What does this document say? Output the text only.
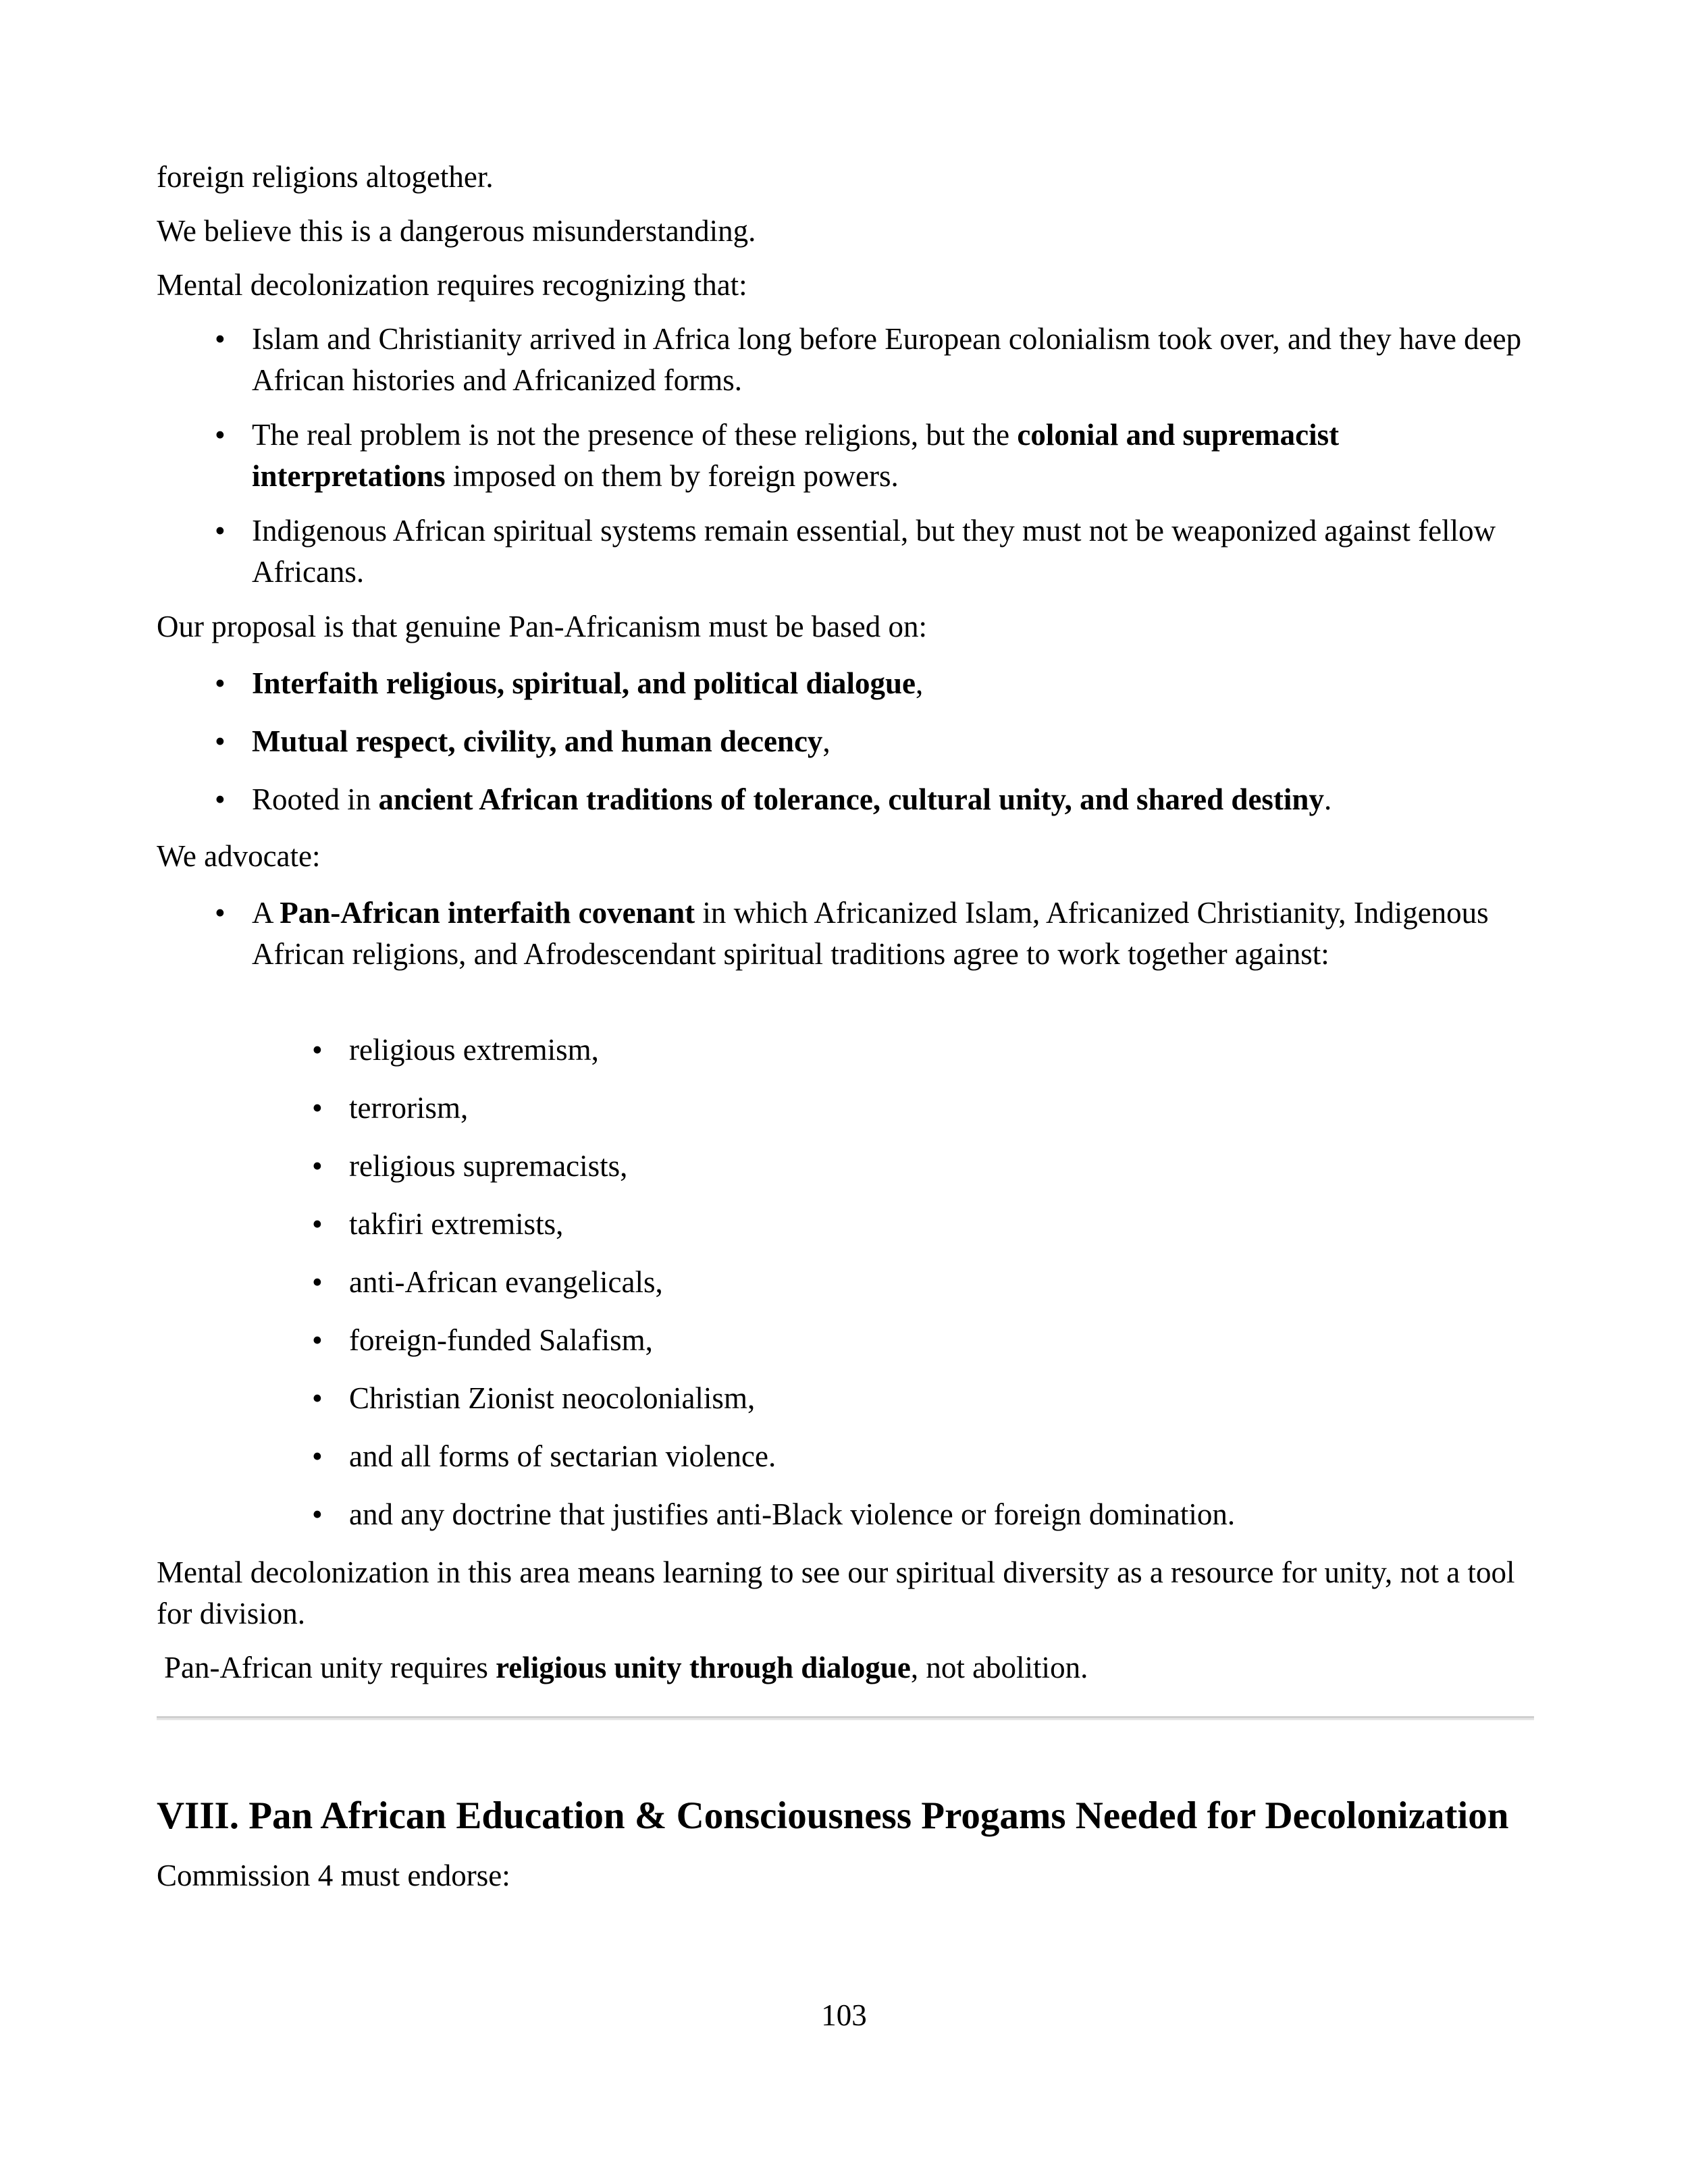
foreign religions altogether.

We believe this is a dangerous misunderstanding.

Mental decolonization requires recognizing that:

• Islam and Christianity arrived in Africa long before European colonialism took over, and they have deep African histories and Africanized forms.
• The real problem is not the presence of these religions, but the colonial and supremacist interpretations imposed on them by foreign powers.
• Indigenous African spiritual systems remain essential, but they must not be weaponized against fellow Africans.

Our proposal is that genuine Pan-Africanism must be based on:

• Interfaith religious, spiritual, and political dialogue,
• Mutual respect, civility, and human decency,
• Rooted in ancient African traditions of tolerance, cultural unity, and shared destiny.

We advocate:

• A Pan-African interfaith covenant in which Africanized Islam, Africanized Christianity, Indigenous African religions, and Afrodescendant spiritual traditions agree to work together against:
• religious extremism,
• terrorism,
• religious supremacists,
• takfiri extremists,
• anti-African evangelicals,
• foreign-funded Salafism,
• Christian Zionist neocolonialism,
• and all forms of sectarian violence.
• and any doctrine that justifies anti-Black violence or foreign domination.

Mental decolonization in this area means learning to see our spiritual diversity as a resource for unity, not a tool for division.

Pan-African unity requires religious unity through dialogue, not abolition.

VIII. Pan African Education & Consciousness Progams Needed for Decolonization

Commission 4 must endorse:

103
